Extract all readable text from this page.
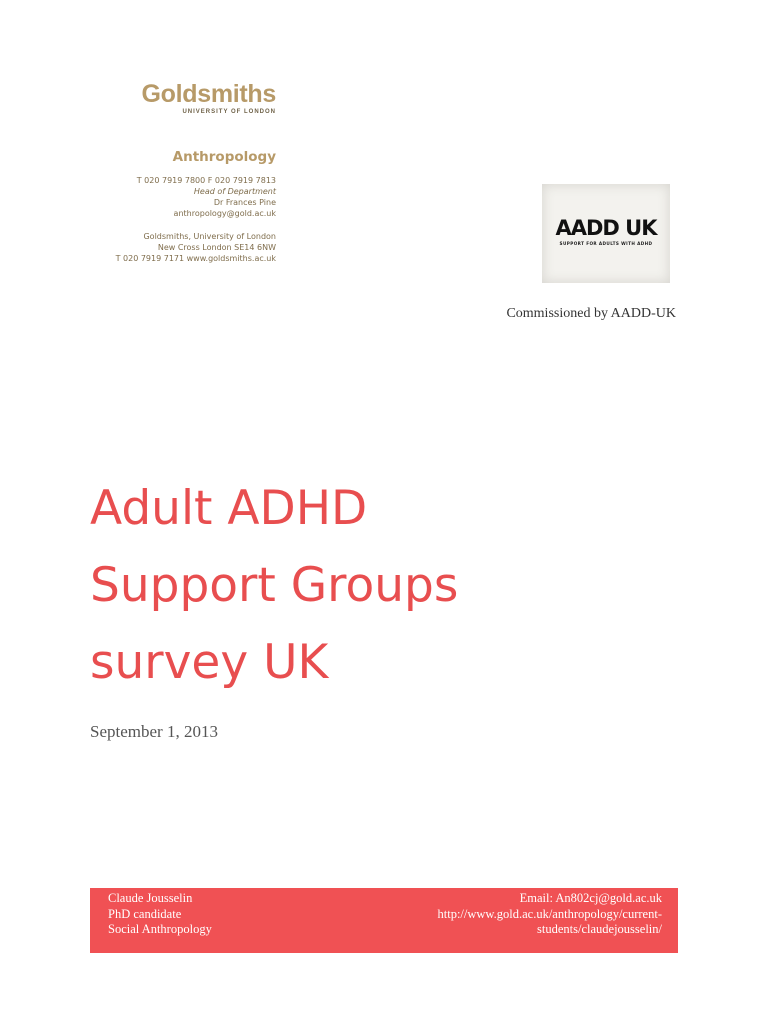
Goldsmiths
UNIVERSITY OF LONDON
Anthropology
T 020 7919 7800 F 020 7919 7813
Head of Department
Dr Frances Pine
anthropology@gold.ac.uk
Goldsmiths, University of London
New Cross London SE14 6NW
T 020 7919 7171 www.goldsmiths.ac.uk
AADD UK
SUPPORT FOR ADULTS WITH ADHD
Commissioned by AADD-UK
Adult ADHD
Support Groups
survey UK
September 1, 2013
Claude Jousselin
PhD candidate
Social Anthropology
Email: An802cj@gold.ac.uk
http://www.gold.ac.uk/anthropology/current-
students/claudejousselin/
